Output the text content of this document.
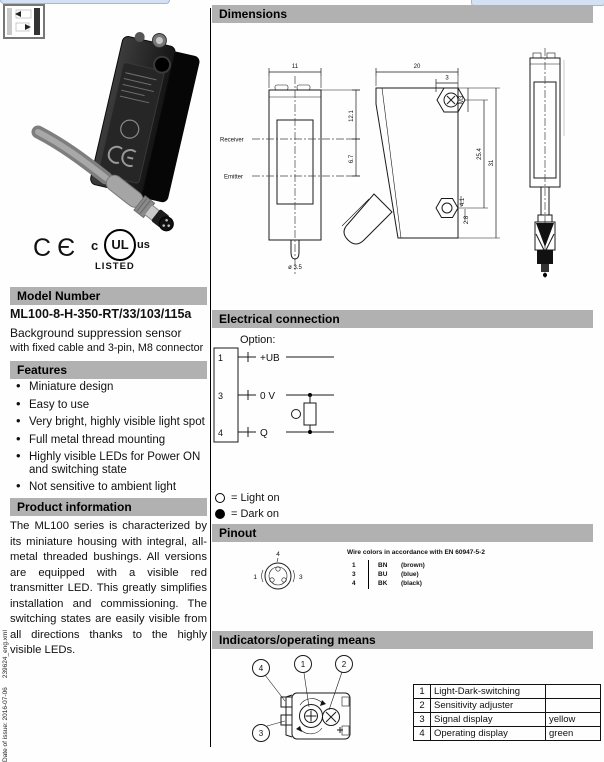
CЄ c	UL us
LISTED
Model Number
ML100-8-H-350-RT/33/103/115a
Background suppression sensor
with fixed cable and 3-pin, M8 connector
Features
• Miniature design
• Easy to use
• Very bright, highly visible light spot
• Full metal thread mounting
• Highly visible LEDs for Power ON and switching state
• Not sensitive to ambient light
Product information
The ML100 series is characterized by its miniature housing with integral, all-metal threaded bushings. All versions are equipped with a visible red transmitter LED. This greatly simplifies installation and commissioning. The switching states are easily visible from all directions thanks to the highly visible LEDs.
Date of issue: 2016-07-06     239624_eng.xml
Dimensions
11
Receiver
Emitter
ø 3.5
12.1
6.7
20
3
M3
25.4
31
4.1
2.8
Electrical connection
Option:
1
3
4
+UB
0 V
Q
= Light on
= Dark on
Pinout
4
1	3
Wire colors in accordance with EN 60947-5-2
1	BN (brown)
3	BU (blue)
4	BK (black)
Indicators/operating means
4	1	2
3
1	Light-Dark-switching	
2	Sensitivity adjuster	
3	Signal display	yellow
4	Operating display	green
